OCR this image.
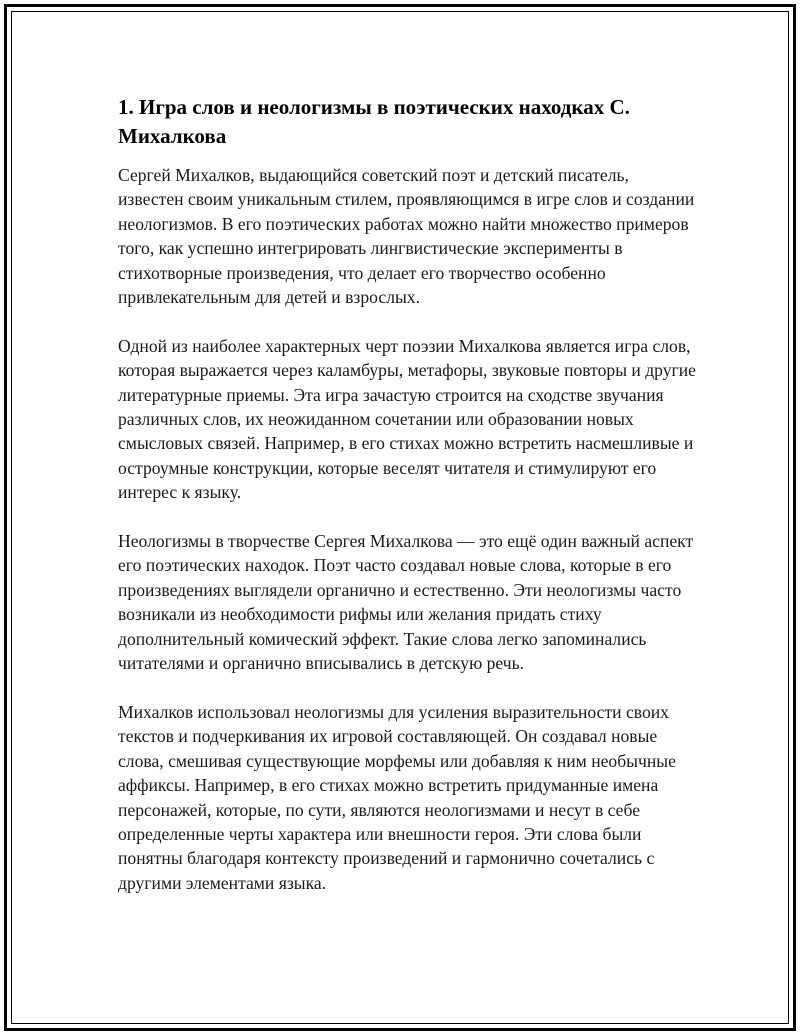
1. Игра слов и неологизмы в поэтических находках С. Михалкова

Сергей Михалков, выдающийся советский поэт и детский писатель, известен своим уникальным стилем, проявляющимся в игре слов и создании неологизмов. В его поэтических работах можно найти множество примеров того, как успешно интегрировать лингвистические эксперименты в стихотворные произведения, что делает его творчество особенно привлекательным для детей и взрослых.

Одной из наиболее характерных черт поэзии Михалкова является игра слов, которая выражается через каламбуры, метафоры, звуковые повторы и другие литературные приемы. Эта игра зачастую строится на сходстве звучания различных слов, их неожиданном сочетании или образовании новых смысловых связей. Например, в его стихах можно встретить насмешливые и остроумные конструкции, которые веселят читателя и стимулируют его интерес к языку.

Неологизмы в творчестве Сергея Михалкова — это ещё один важный аспект его поэтических находок. Поэт часто создавал новые слова, которые в его произведениях выглядели органично и естественно. Эти неологизмы часто возникали из необходимости рифмы или желания придать стиху дополнительный комический эффект. Такие слова легко запоминались читателями и органично вписывались в детскую речь.

Михалков использовал неологизмы для усиления выразительности своих текстов и подчеркивания их игровой составляющей. Он создавал новые слова, смешивая существующие морфемы или добавляя к ним необычные аффиксы. Например, в его стихах можно встретить придуманные имена персонажей, которые, по сути, являются неологизмами и несут в себе определенные черты характера или внешности героя. Эти слова были понятны благодаря контексту произведений и гармонично сочетались с другими элементами языка.
